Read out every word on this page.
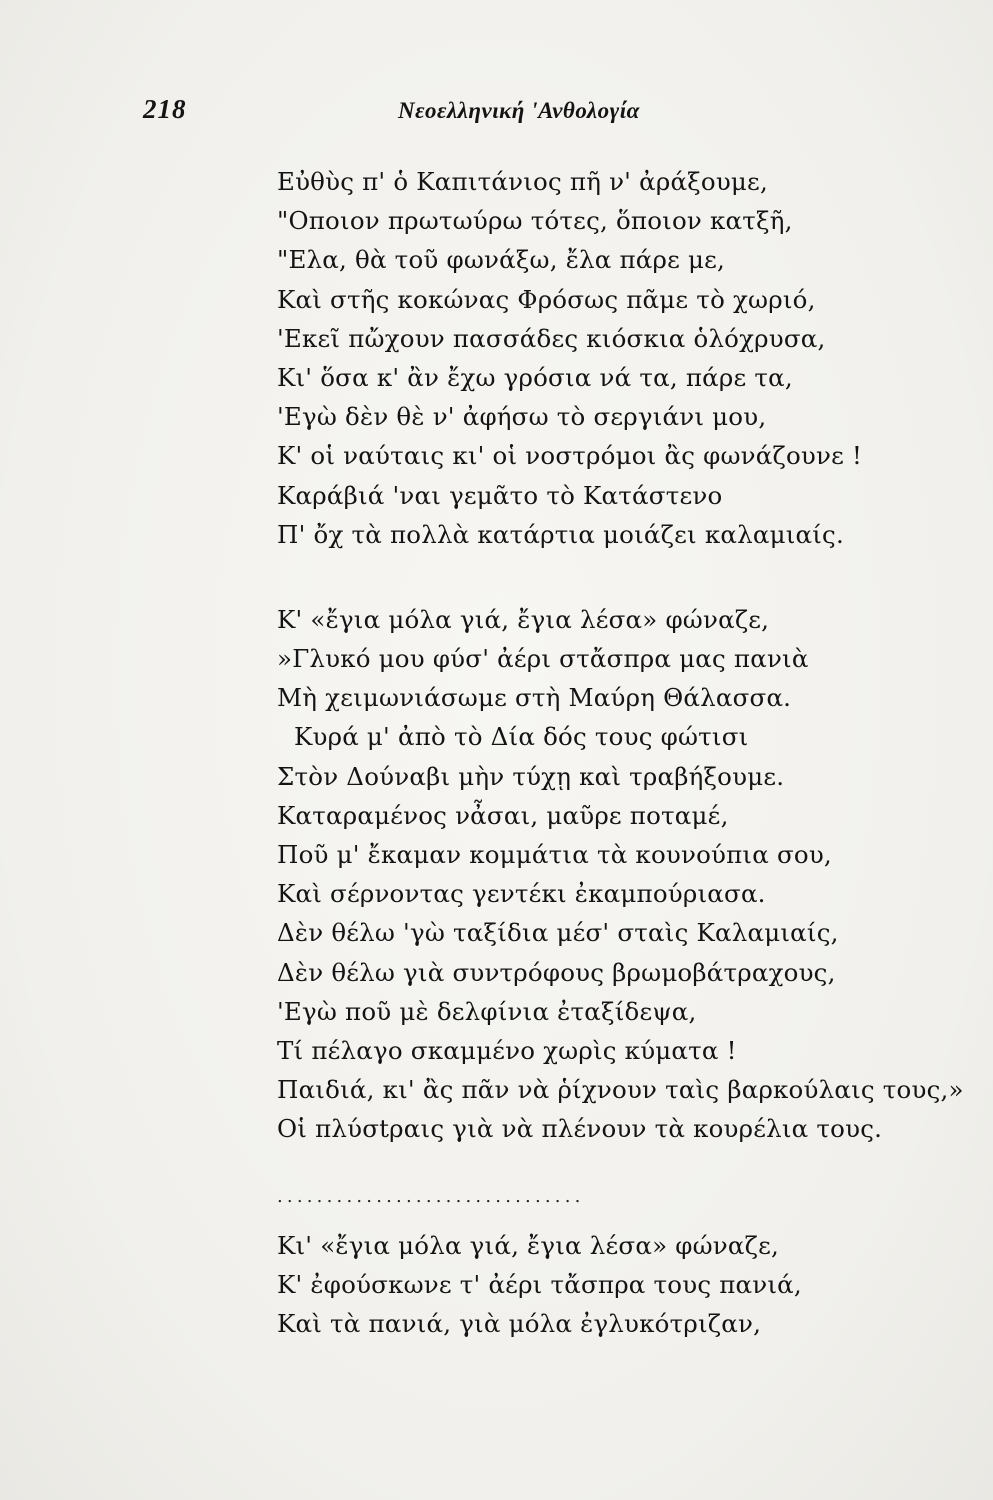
218	Νεοελληνική 'Ανθολογία
Εὐθὺς π' ὁ Καπιτάνιος πῆ ν' ἀράξουμε,
"Οποιον πρωτωύρω τότες, ὅποιον κατξῆ,
"Ελα, θὰ τοῦ φωνάξω, ἔλα πάρε με,
Καὶ στῆς κοκώνας Φρόσως πᾶμε τὸ χωριό,
'Εκεῖ πὤχουν πασσάδες κιόσκια ὁλόχρυσα,
Κι' ὅσα κ' ἂν ἔχω γρόσια νά τα, πάρε τα,
'Εγὼ δὲν θὲ ν' ἀφήσω τὸ σεργιάνι μου,
Κ' οἱ ναύταις κι' οἱ νοστρόμοι ἂς φωνάζουνε !
Καράβιά 'ναι γεμᾶτο τὸ Κατάστενο
Π' ὄχ τὰ πολλὰ κατάρτια μοιάζει καλαμιαίς.
Κ' «ἔγια μόλα γιά, ἔγια λέσα» φώναζε,
»Γλυκό μου φύσ' ἀέρι στἄσπρα μας πανιὰ
Μὴ χειμωνιάσωμε στὴ Μαύρη Θάλασσα.
Κυρά μ' ἀπὸ τὸ Δία δός τους φώτισι
Στὸν Δούναβι μὴν τύχῃ καὶ τραβήξουμε.
Καταραμένος νἆσαι, μαῦρε ποταμέ,
Ποῦ μ' ἔκαμαν κομμάτια τὰ κουνούπια σου,
Καὶ σέρνοντας γεντέκι ἐκαμπούριασα.
Δὲν θέλω 'γὼ ταξίδια μέσ' σταὶς Καλαμιαίς,
Δὲν θέλω γιὰ συντρόφους βρωμοβάτραχους,
'Εγὼ ποῦ μὲ δελφίνια ἐταξίδεψα,
Τί πέλαγο σκαμμένο χωρὶς κύματα !
Παιδιά, κι' ἂς πᾶν νὰ ῥίχνουν ταὶς βαρκούλαις τους,»
Οἱ πλύσtραις γιὰ νὰ πλένουν τὰ κουρέλια τους.
...............................
Κι' «ἔγια μόλα γιά, ἔγια λέσα» φώναζε,
Κ' ἐφούσκωνε τ' ἀέρι τἄσπρα τους πανιά,
Καὶ τὰ πανιά, γιὰ μόλα ἐγλυκότριζαν,
